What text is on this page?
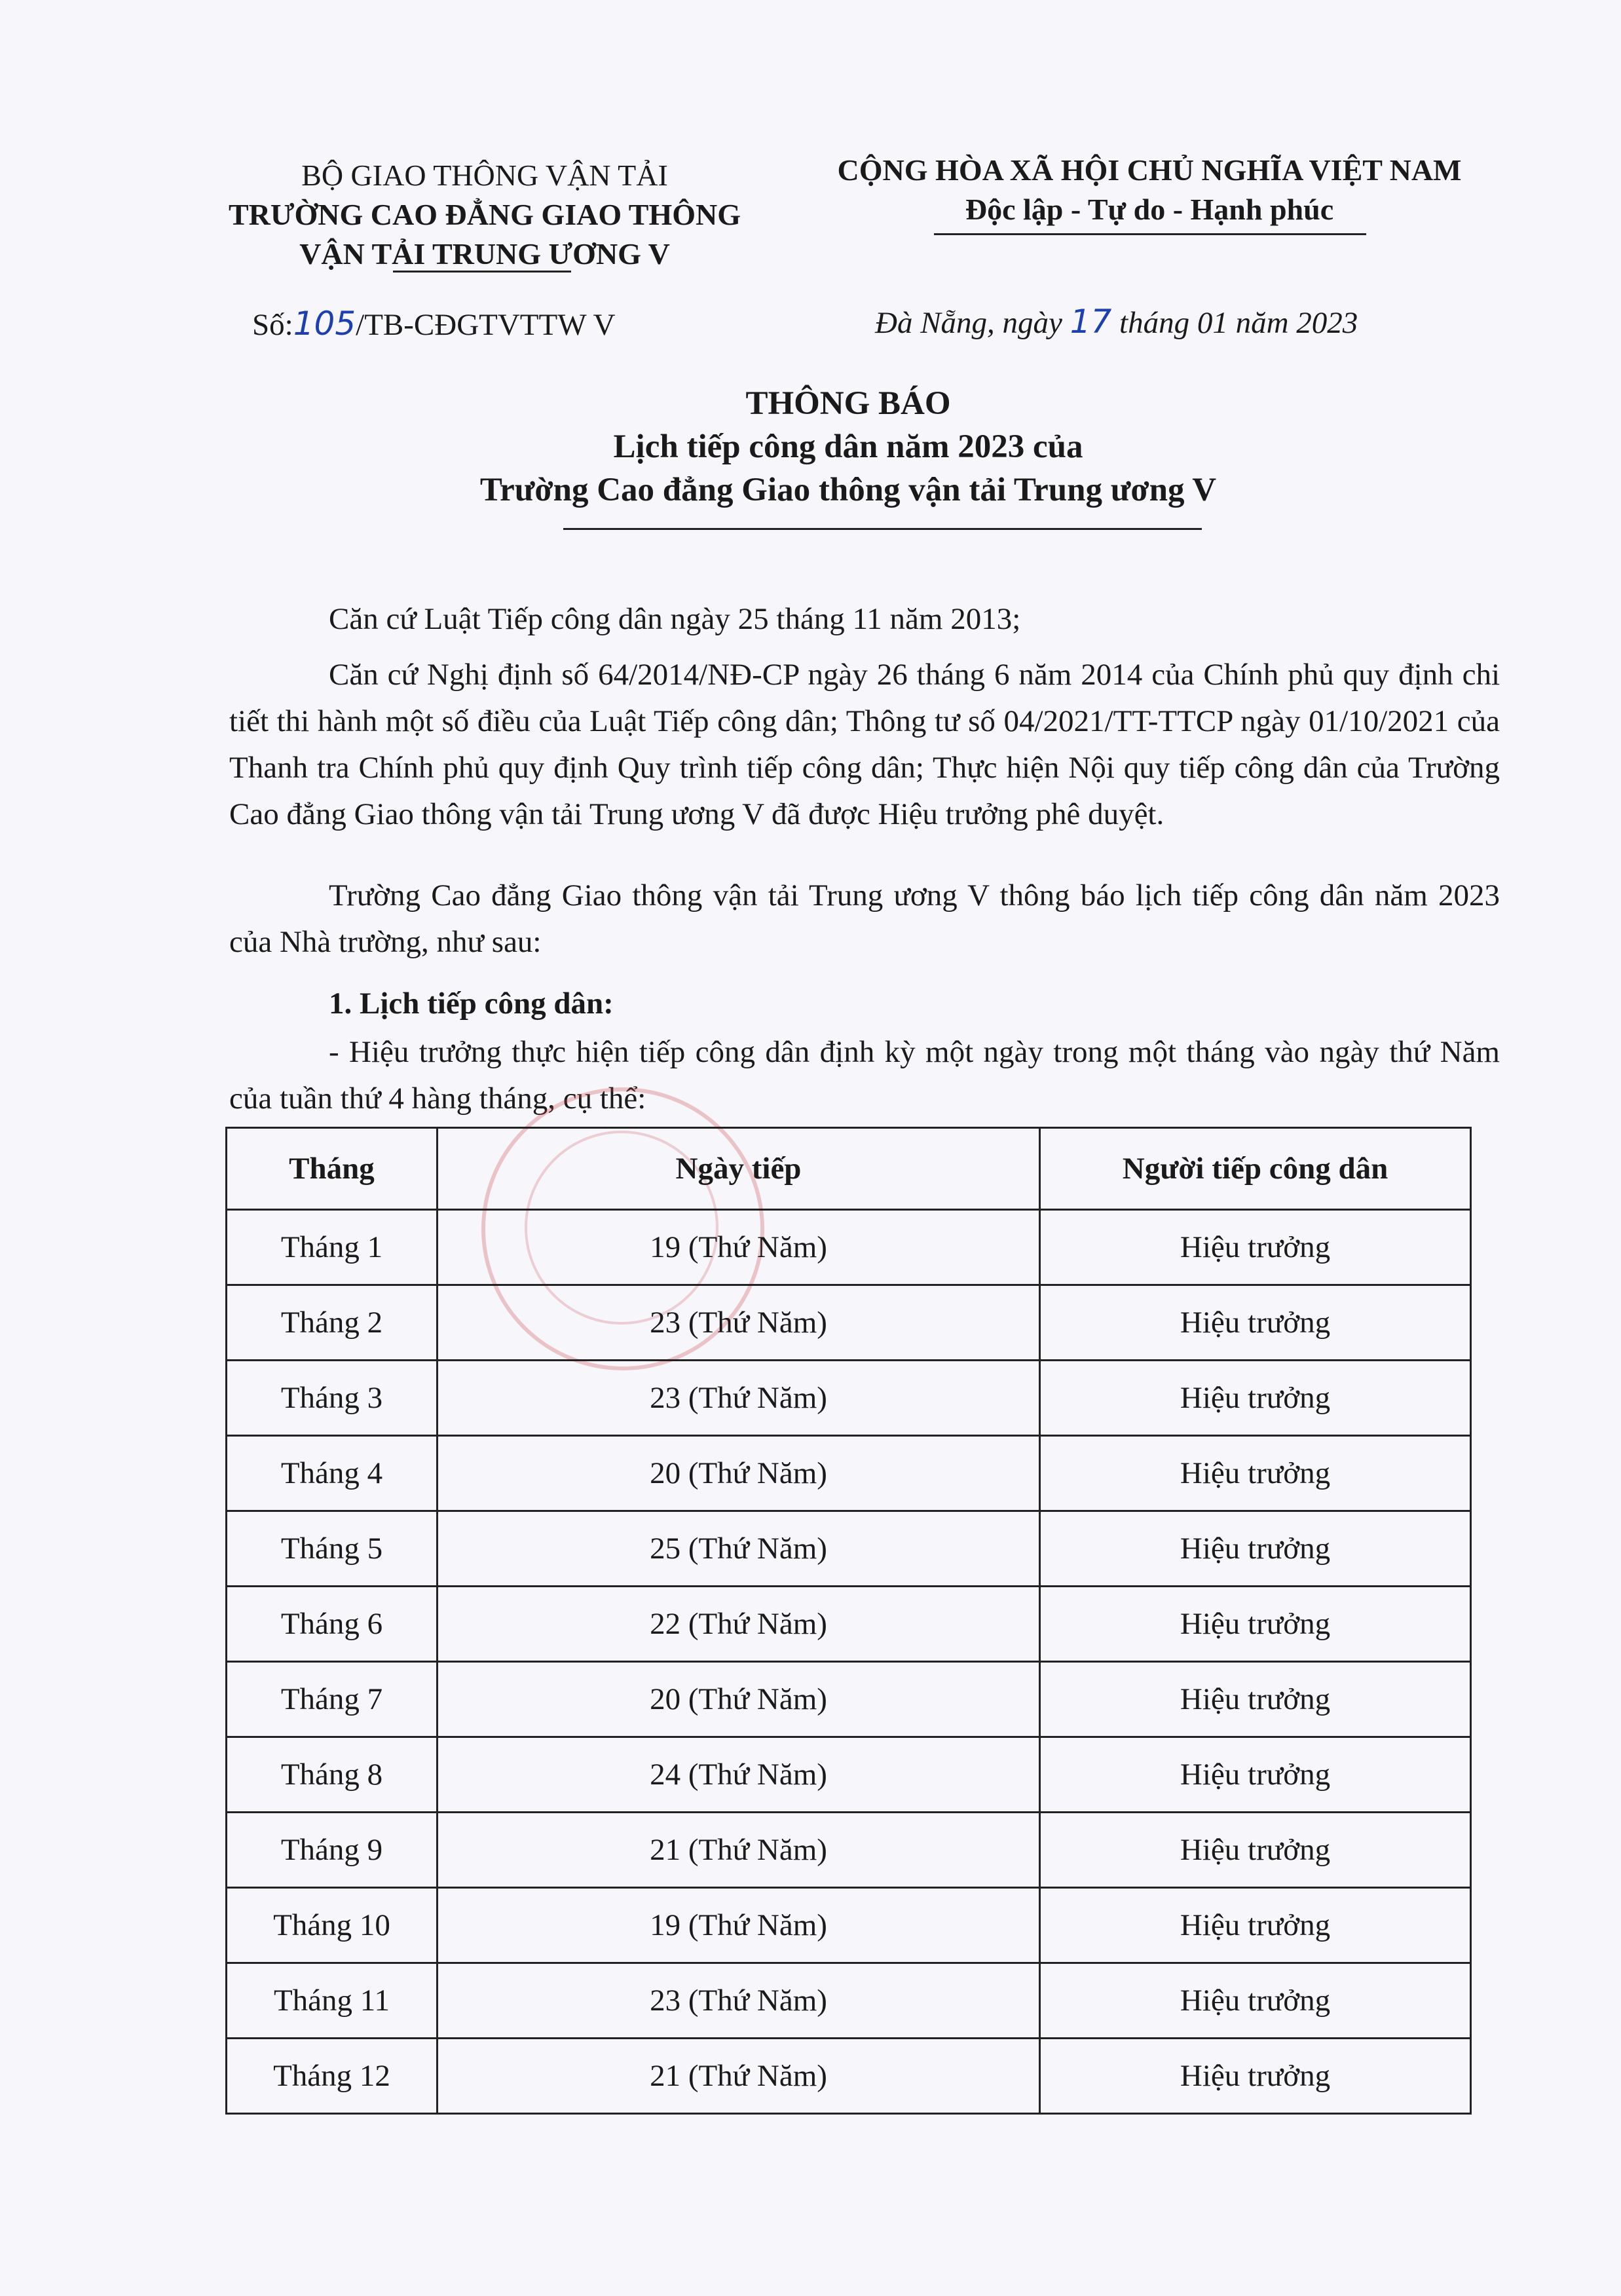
BỘ GIAO THÔNG VẬN TẢI
TRƯỜNG CAO ĐẲNG GIAO THÔNG
VẬN TẢI TRUNG ƯƠNG V
CỘNG HÒA XÃ HỘI CHỦ NGHĨA VIỆT NAM
Độc lập - Tự do - Hạnh phúc
Số:105/TB-CĐGTVTTW V	Đà Nẵng, ngày 17 tháng 01 năm 2023
THÔNG BÁO
Lịch tiếp công dân năm 2023 của
Trường Cao đẳng Giao thông vận tải Trung ương V

Căn cứ Luật Tiếp công dân ngày 25 tháng 11 năm 2013;

Căn cứ Nghị định số 64/2014/NĐ-CP ngày 26 tháng 6 năm 2014 của Chính phủ quy định chi tiết thi hành một số điều của Luật Tiếp công dân; Thông tư số 04/2021/TT-TTCP ngày 01/10/2021 của Thanh tra Chính phủ quy định Quy trình tiếp công dân; Thực hiện Nội quy tiếp công dân của Trường Cao đẳng Giao thông vận tải Trung ương V đã được Hiệu trưởng phê duyệt.

Trường Cao đẳng Giao thông vận tải Trung ương V thông báo lịch tiếp công dân năm 2023 của Nhà trường, như sau:

1. Lịch tiếp công dân:

- Hiệu trưởng thực hiện tiếp công dân định kỳ một ngày trong một tháng vào ngày thứ Năm của tuần thứ 4 hàng tháng, cụ thể:

Tháng	Ngày tiếp	Người tiếp công dân
Tháng 1	19 (Thứ Năm)	Hiệu trưởng
Tháng 2	23 (Thứ Năm)	Hiệu trưởng
Tháng 3	23 (Thứ Năm)	Hiệu trưởng
Tháng 4	20 (Thứ Năm)	Hiệu trưởng
Tháng 5	25 (Thứ Năm)	Hiệu trưởng
Tháng 6	22 (Thứ Năm)	Hiệu trưởng
Tháng 7	20 (Thứ Năm)	Hiệu trưởng
Tháng 8	24 (Thứ Năm)	Hiệu trưởng
Tháng 9	21 (Thứ Năm)	Hiệu trưởng
Tháng 10	19 (Thứ Năm)	Hiệu trưởng
Tháng 11	23 (Thứ Năm)	Hiệu trưởng
Tháng 12	21 (Thứ Năm)	Hiệu trưởng
